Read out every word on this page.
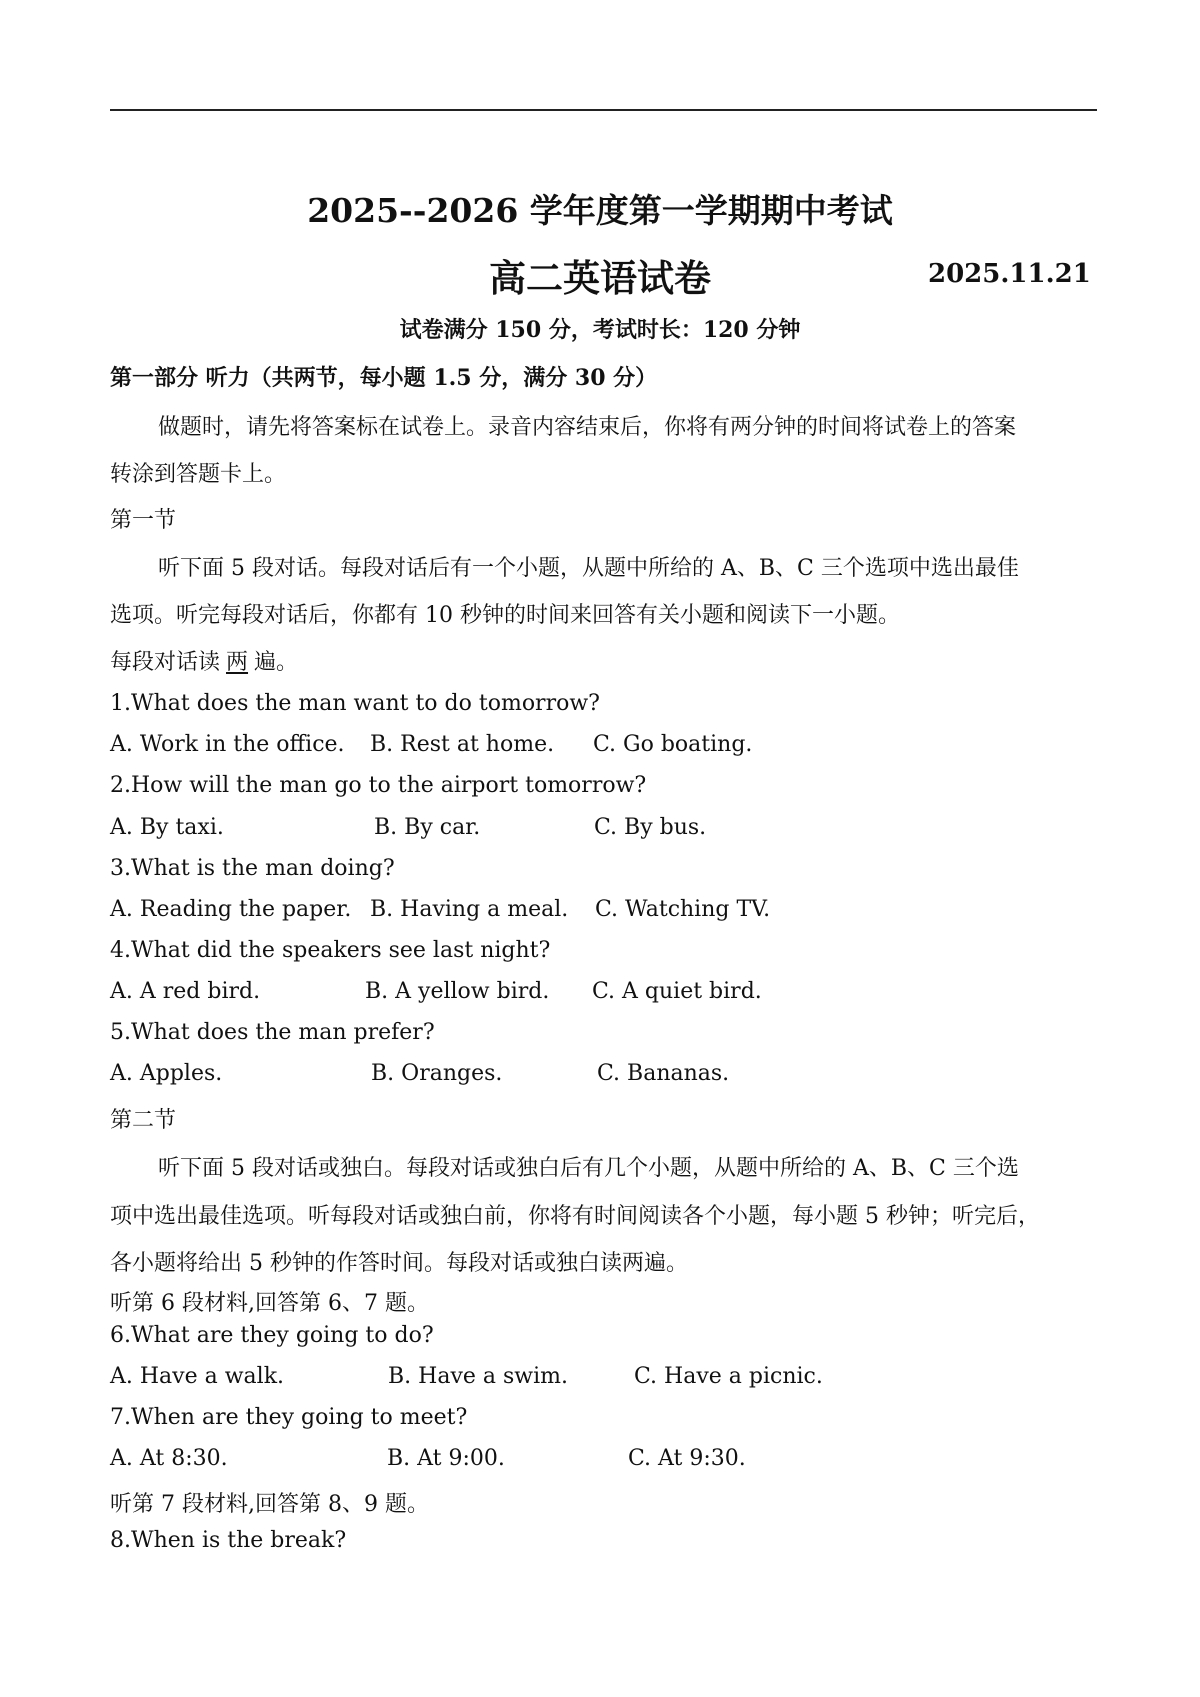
2025--2026 学年度第一学期期中考试
高二英语试卷	2025.11.21
试卷满分 150 分，考试时长：120 分钟
第一部分 听力（共两节，每小题 1.5 分，满分 30 分）
做题时，请先将答案标在试卷上。录音内容结束后，你将有两分钟的时间将试卷上的答案
转涂到答题卡上。
第一节
听下面 5 段对话。每段对话后有一个小题，从题中所给的 A、B、C 三个选项中选出最佳
选项。听完每段对话后，你都有 10 秒钟的时间来回答有关小题和阅读下一小题。
每段对话读 两 遍。
1.What does the man want to do tomorrow?
A. Work in the office. B. Rest at home. C. Go boating.
2.How will the man go to the airport tomorrow?
A. By taxi.	B. By car.	C. By bus.
3.What is the man doing?
A. Reading the paper. B. Having a meal. C. Watching TV.
4.What did the speakers see last night?
A. A red bird.	B. A yellow bird. C. A quiet bird.
5.What does the man prefer?
A. Apples.	B. Oranges.	C. Bananas.
第二节
听下面 5 段对话或独白。每段对话或独白后有几个小题，从题中所给的 A、B、C 三个选
项中选出最佳选项。听每段对话或独白前，你将有时间阅读各个小题，每小题 5 秒钟；听完后，
各小题将给出 5 秒钟的作答时间。每段对话或独白读两遍。
听第 6 段材料,回答第 6、7 题。
6.What are they going to do?
A. Have a walk.	B. Have a swim.	C. Have a picnic.
7.When are they going to meet?
A. At 8:30.	B. At 9:00.	C. At 9:30.
听第 7 段材料,回答第 8、9 题。
8.When is the break?
